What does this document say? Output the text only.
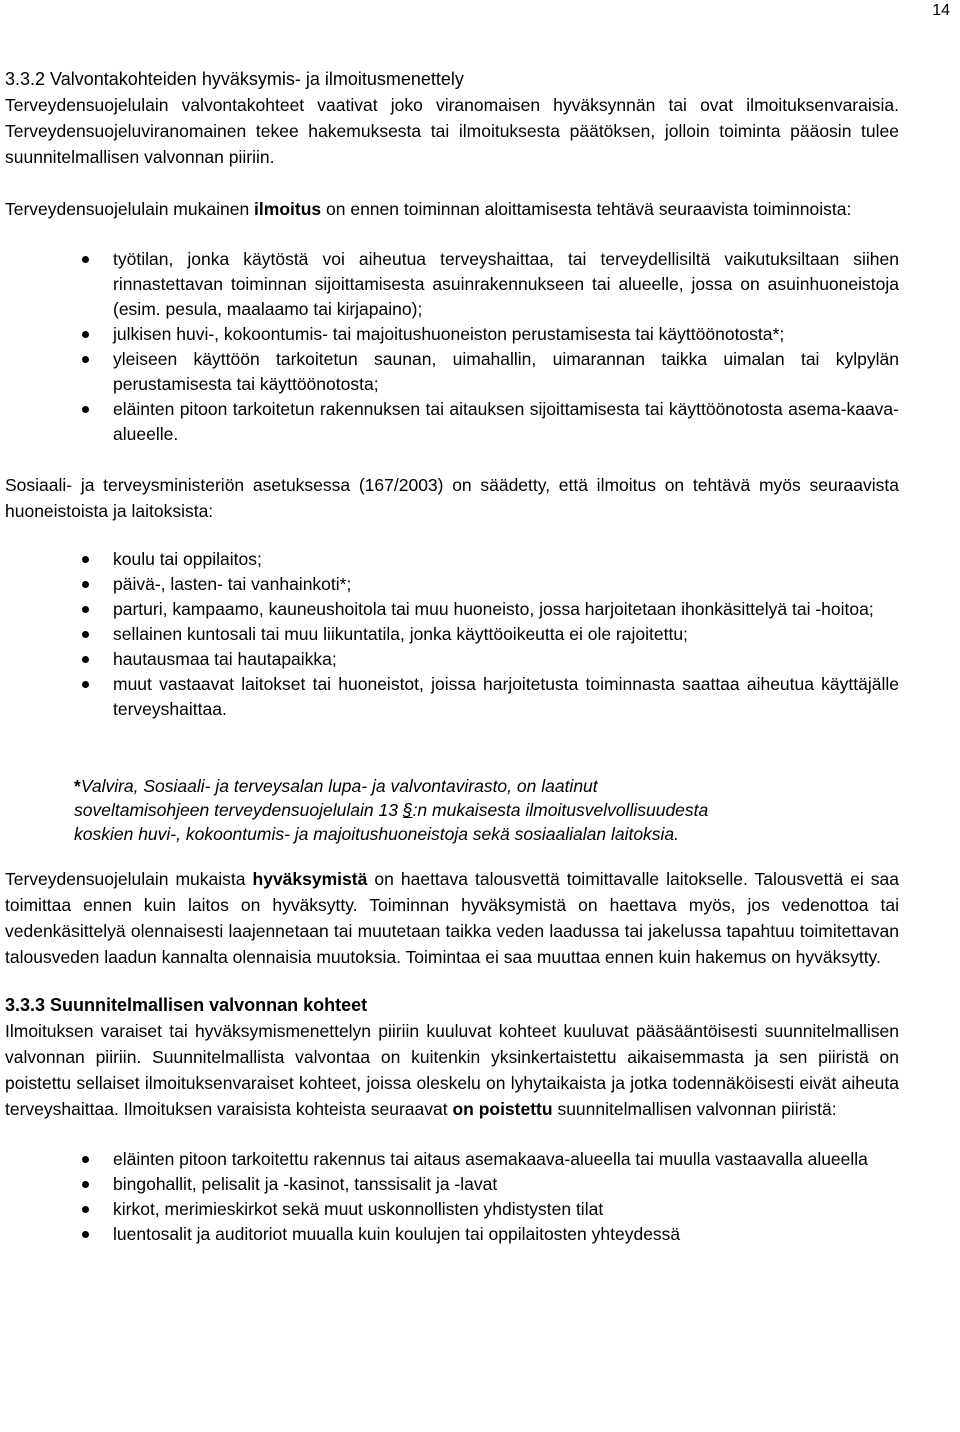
14
3.3.2 Valvontakohteiden hyväksymis- ja ilmoitusmenettely

Terveydensuojelulain valvontakohteet vaativat joko viranomaisen hyväksynnän tai ovat ilmoituksenvaraisia. Terveydensuojeluviranomainen tekee hakemuksesta tai ilmoituksesta päätöksen, jolloin toiminta pääosin tulee suunnitelmallisen valvonnan piiriin.

Terveydensuojelulain mukainen ilmoitus on ennen toiminnan aloittamisesta tehtävä seuraavista toiminnoista:

työtilan, jonka käytöstä voi aiheutua terveyshaittaa, tai terveydellisiltä vaikutuksiltaan siihen rinnastettavan toiminnan sijoittamisesta asuinrakennukseen tai alueelle, jossa on asuinhuoneistoja (esim. pesula, maalaamo tai kirjapaino);
julkisen huvi-, kokoontumis- tai majoitushuoneiston perustamisesta tai käyttöönotosta*;
yleiseen käyttöön tarkoitetun saunan, uimahallin, uimarannan taikka uimalan tai kylpylän perustamisesta tai käyttöönotosta;
eläinten pitoon tarkoitetun rakennuksen tai aitauksen sijoittamisesta tai käyttöönotosta asema-kaava-alueelle.

Sosiaali- ja terveysministeriön asetuksessa (167/2003) on säädetty, että ilmoitus on tehtävä myös seuraavista huoneistoista ja laitoksista:

koulu tai oppilaitos;
päivä-, lasten- tai vanhainkoti*;
parturi, kampaamo, kauneushoitola tai muu huoneisto, jossa harjoitetaan ihonkäsittelyä tai -hoitoa;
sellainen kuntosali tai muu liikuntatila, jonka käyttöoikeutta ei ole rajoitettu;
hautausmaa tai hautapaikka;
muut vastaavat laitokset tai huoneistot, joissa harjoitetusta toiminnasta saattaa aiheutua käyttäjälle terveyshaittaa.
*Valvira, Sosiaali- ja terveysalan lupa- ja valvontavirasto, on laatinut
soveltamisohjeen terveydensuojelulain 13 §:n mukaisesta ilmoitusvelvollisuudesta
koskien huvi-, kokoontumis- ja majoitushuoneistoja sekä sosiaalialan laitoksia.

Terveydensuojelulain mukaista hyväksymistä on haettava talousvettä toimittavalle laitokselle. Talousvettä ei saa toimittaa ennen kuin laitos on hyväksytty. Toiminnan hyväksymistä on haettava myös, jos vedenottoa tai vedenkäsittelyä olennaisesti laajennetaan tai muutetaan taikka veden laadussa tai jakelussa tapahtuu toimitettavan talousveden laadun kannalta olennaisia muutoksia. Toimintaa ei saa muuttaa ennen kuin hakemus on hyväksytty.

3.3.3 Suunnitelmallisen valvonnan kohteet

Ilmoituksen varaiset tai hyväksymismenettelyn piiriin kuuluvat kohteet kuuluvat pääsääntöisesti suunnitelmallisen valvonnan piiriin. Suunnitelmallista valvontaa on kuitenkin yksinkertaistettu aikaisemmasta ja sen piiristä on poistettu sellaiset ilmoituksenvaraiset kohteet, joissa oleskelu on lyhytaikaista ja jotka todennäköisesti eivät aiheuta terveyshaittaa. Ilmoituksen varaisista kohteista seuraavat on poistettu suunnitelmallisen valvonnan piiristä:

eläinten pitoon tarkoitettu rakennus tai aitaus asemakaava-alueella tai muulla vastaavalla alueella
bingohallit, pelisalit ja -kasinot, tanssisalit ja -lavat
kirkot, merimieskirkot sekä muut uskonnollisten yhdistysten tilat
luentosalit ja auditoriot muualla kuin koulujen tai oppilaitosten yhteydessä
